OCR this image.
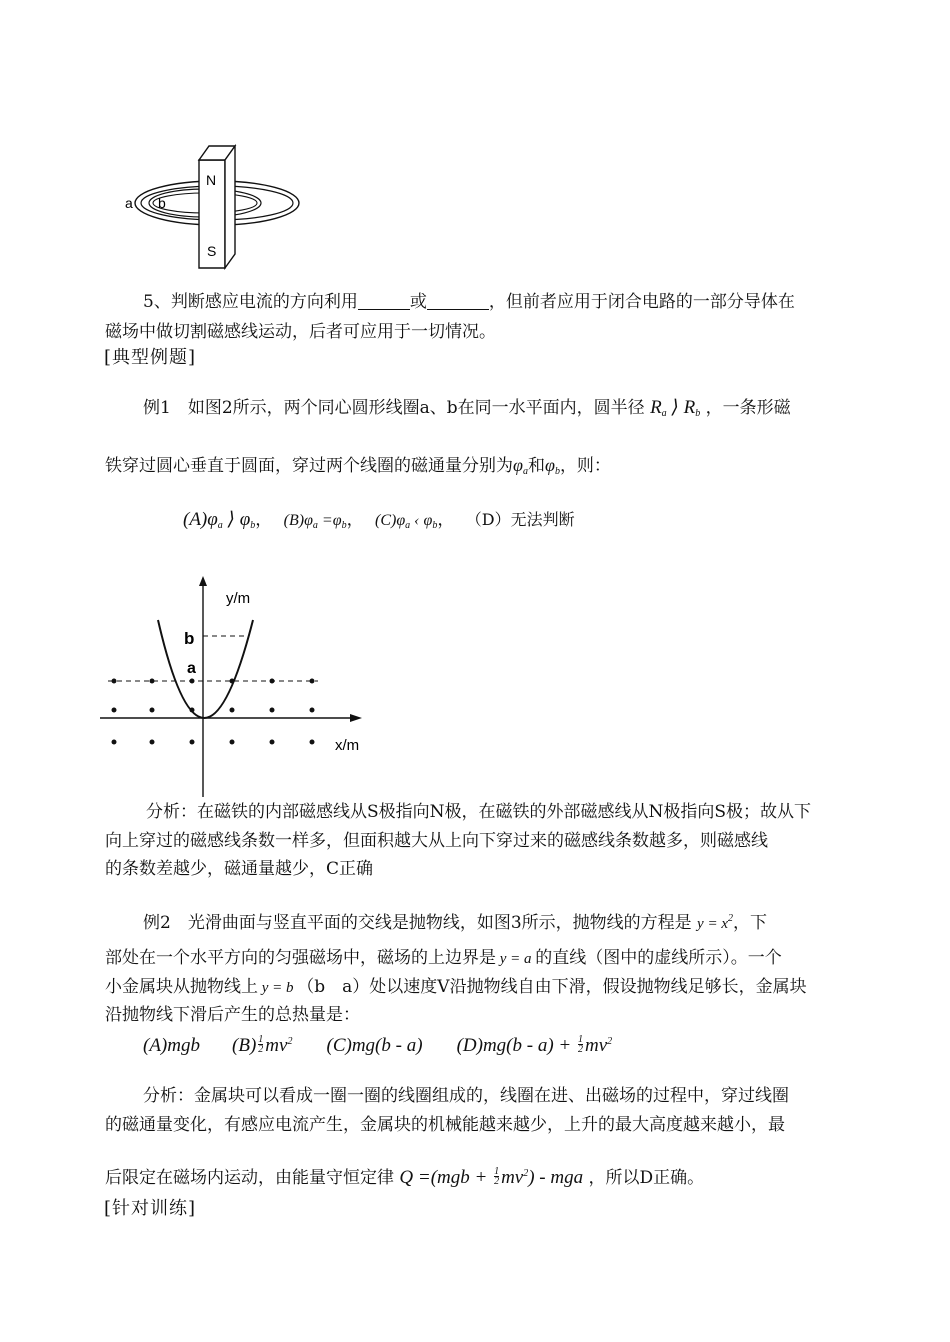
N
S
a b
5、判断感应电流的方向利用	或	，但前者应用于闭合电路的一部分导体在
磁场中做切割磁感线运动，后者可应用于一切情况。
[典型例题]
例1　如图2所示，两个同心圆形线圈a、b在同一水平面内，圆半径 $R_a$ ⟩ $R_b$ ，一条形磁
铁穿过圆心垂直于圆面，穿过两个线圈的磁通量分别为$\varphi_a$和$\varphi_b$，则：
$(A)\varphi_a$ ⟩ $\varphi_b$， $(B)\varphi_a =\varphi_b$， $(C)\varphi_a$ ‹ $\varphi_b$， （D）无法判断
y/m
x/m
b
a
分析：在磁铁的内部磁感线从S极指向N极，在磁铁的外部磁感线从N极指向S极；故从下
向上穿过的磁感线条数一样多，但面积越大从上向下穿过来的磁感线条数越多，则磁感线
的条数差越少，磁通量越少，C正确
例2　光滑曲面与竖直平面的交线是抛物线，如图3所示，抛物线的方程是 $y = x^2$，下
部处在一个水平方向的匀强磁场中，磁场的上边界是 y = a 的直线（图中的虚线所示）。一个
小金属块从抛物线上 y = b （b　a）处以速度V沿抛物线自由下滑，假设抛物线足够长，金属块
沿抛物线下滑后产生的总热量是：
(A)mgb $(B) \frac{1}{2} mv^2$ (C)mg(b - a) $(D)mg(b - a) + \frac{1}{2} mv^2$
分析：金属块可以看成一圈一圈的线圈组成的，线圈在进、出磁场的过程中，穿过线圈
的磁通量变化，有感应电流产生，金属块的机械能越来越少，上升的最大高度越来越小，最
后限定在磁场内运动，由能量守恒定律 $Q =(mgb + \frac{1}{2} mv^2)$ - mga ，所以D正确。
[针对训练]
